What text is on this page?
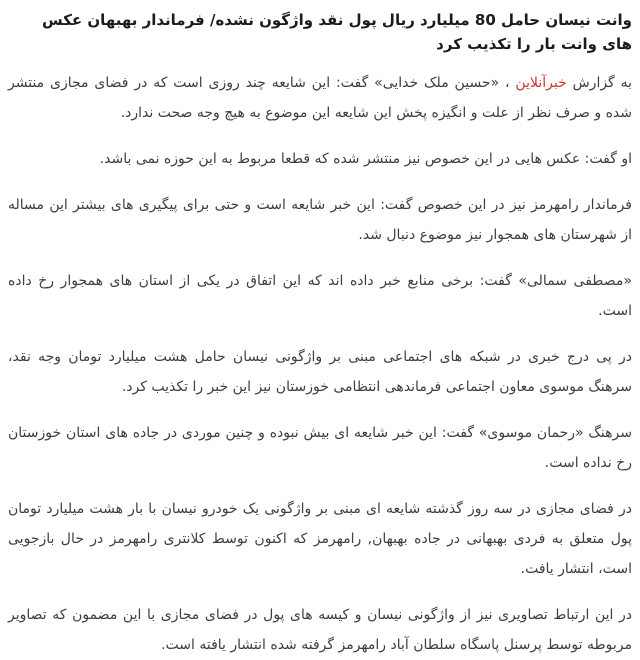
وانت نیسان حامل 80 میلیارد ریال پول نقد واژگون نشده/ فرماندار بهبهان عکس های وانت بار را تکذیب کرد

به گزارش خبرآنلاین ، «حسین ملک خدایی» گفت: این شایعه چند روزی است که در فضای مجازی منتشر شده و صرف نظر از علت و انگیزه پخش این شایعه این موضوع به هیچ وجه صحت ندارد.

او گفت: عکس هایی در این خصوص نیز منتشر شده که قطعا مربوط به این حوزه نمی باشد.

فرماندار رامهرمز نیز در این خصوص گفت: این خبر شایعه است و حتی برای پیگیری های بیشتر این مساله از شهرستان های همجوار نیز موضوع دنبال شد.

«مصطفی سمالی» گفت: برخی منابع خبر داده اند که این اتفاق در یکی از استان های همجوار رخ داده است.

در پی درج خبری در شبکه های اجتماعی مبنی بر واژگونی نیسان حامل هشت میلیارد تومان وجه نقد، سرهنگ موسوی معاون اجتماعی فرماندهی انتظامی خوزستان نیز این خبر را تکذیب کرد.

سرهنگ «رحمان موسوی» گفت: این خبر شایعه ای بیش نبوده و چنین موردی در جاده های استان خوزستان رخ نداده است.

در فضای مجازی در سه روز گذشته شایعه ای مبنی بر واژگونی یک خودرو نیسان با بار هشت میلیارد تومان پول متعلق به فردی بهبهانی در جاده بهبهان, رامهرمز که اکنون توسط کلانتری رامهرمز در حال بازجویی است، انتشار یافت.

در این ارتباط تصاویری نیز از واژگونی نیسان و کیسه های پول در فضای مجازی با این مضمون که تصاویر مربوطه توسط پرسنل پاسگاه سلطان آباد رامهرمز گرفته شده انتشار یافته است.
